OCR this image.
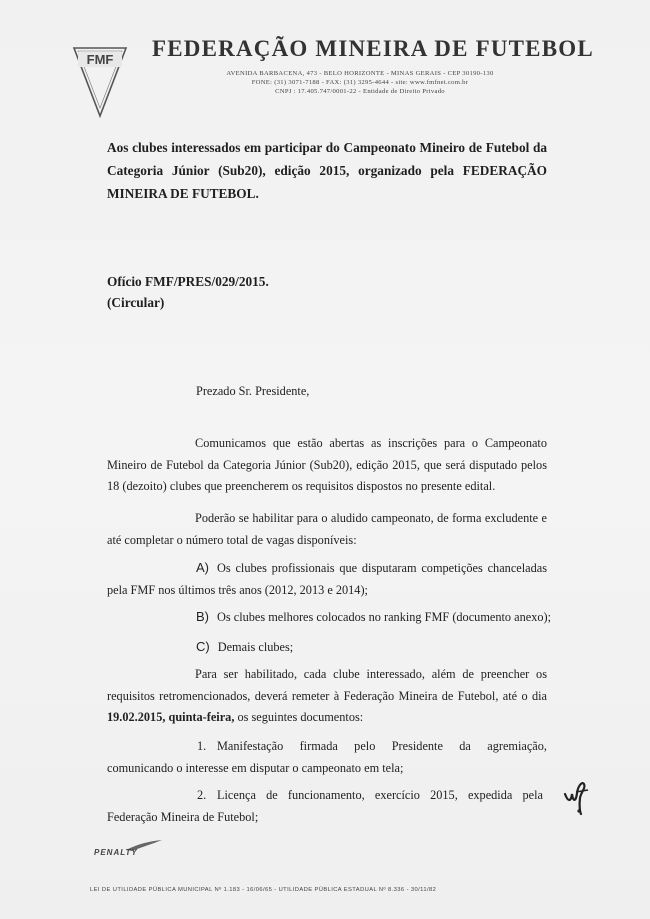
FMF FEDERAÇÃO MINEIRA DE FUTEBOL
AVENIDA BARBACENA, 473 - BELO HORIZONTE - MINAS GERAIS - CEP 30190-130
FONE: (31) 3071-7188 - FAX: (31) 3295-4644 - site: www.fmfnet.com.br
CNPJ : 17.405.747/0001-22 - Entidade de Direito Privado
Aos clubes interessados em participar do Campeonato Mineiro de Futebol da Categoria Júnior (Sub20), edição 2015, organizado pela FEDERAÇÃO MINEIRA DE FUTEBOL.
Ofício FMF/PRES/029/2015.
(Circular)
Prezado Sr. Presidente,
Comunicamos que estão abertas as inscrições para o Campeonato Mineiro de Futebol da Categoria Júnior (Sub20), edição 2015, que será disputado pelos 18 (dezoito) clubes que preencherem os requisitos dispostos no presente edital.
Poderão se habilitar para o aludido campeonato, de forma excludente e até completar o número total de vagas disponíveis:
A) Os clubes profissionais que disputaram competições chanceladas pela FMF nos últimos três anos (2012, 2013 e 2014);
B) Os clubes melhores colocados no ranking FMF (documento anexo);
C) Demais clubes;
Para ser habilitado, cada clube interessado, além de preencher os requisitos retromencionados, deverá remeter à Federação Mineira de Futebol, até o dia 19.02.2015, quinta-feira, os seguintes documentos:
1. Manifestação firmada pelo Presidente da agremiação, comunicando o interesse em disputar o campeonato em tela;
2. Licença de funcionamento, exercício 2015, expedida pela Federação Mineira de Futebol;
PENALTY
LEI DE UTILIDADE PÚBLICA MUNICIPAL Nº 1.183 - 16/06/65 - UTILIDADE PÚBLICA ESTADUAL Nº 8.336 - 30/11/82
